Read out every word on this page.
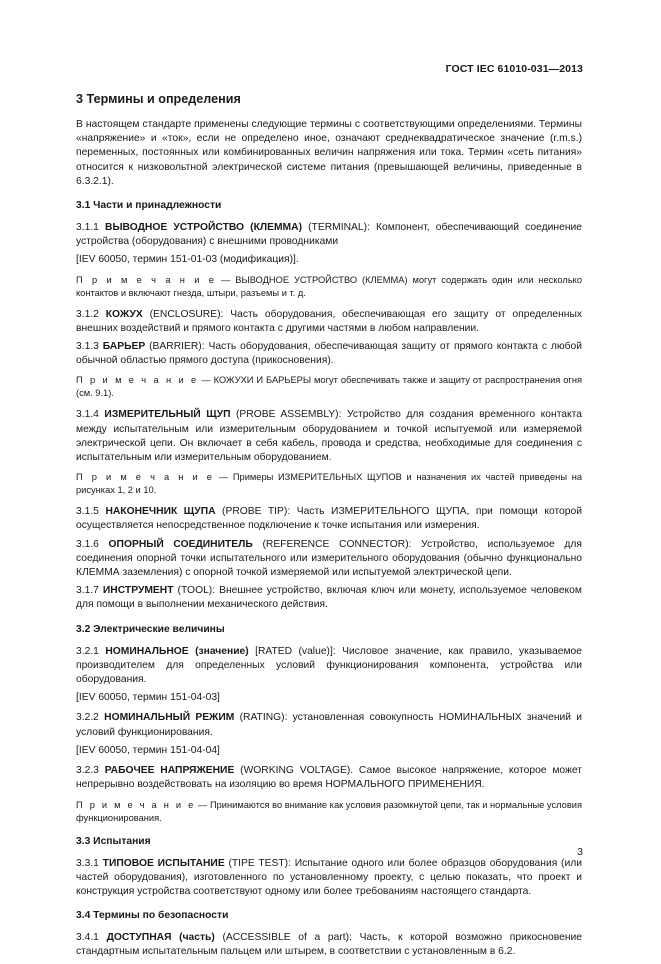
ГОСТ IEC 61010-031—2013
3 Термины и определения

В настоящем стандарте применены следующие термины с соответствующими определениями. Термины «напряжение» и «ток», если не определено иное, означают среднеквадратическое значение (r.m.s.) переменных, постоянных или комбинированных величин напряжения или тока. Термин «сеть питания» относится к низковольтной электрической системе питания (превышающей величины, приведенные в 6.3.2.1).

3.1 Части и принадлежности

3.1.1 ВЫВОДНОЕ УСТРОЙСТВО (КЛЕММА) (TERMINAL): Компонент, обеспечивающий соединение устройства (оборудования) с внешними проводниками

[IEV 60050, термин 151-01-03 (модификация)].

П р и м е ч а н и е — ВЫВОДНОЕ УСТРОЙСТВО (КЛЕММА) могут содержать один или несколько контактов и включают гнезда, штыри, разъемы и т. д.

3.1.2 КОЖУХ (ENCLOSURE): Часть оборудования, обеспечивающая его защиту от определенных внешних воздействий и прямого контакта с другими частями в любом направлении.

3.1.3 БАРЬЕР (BARRIER): Часть оборудования, обеспечивающая защиту от прямого контакта с любой обычной областью прямого доступа (прикосновения).

П р и м е ч а н и е — КОЖУХИ И БАРЬЕРЫ могут обеспечивать также и защиту от распространения огня (см. 9.1).

3.1.4 ИЗМЕРИТЕЛЬНЫЙ ЩУП (PROBE ASSEMBLY): Устройство для создания временного контакта между испытательным или измерительным оборудованием и точкой испытуемой или измеряемой электрической цепи. Он включает в себя кабель, провода и средства, необходимые для соединения с испытательным или измерительным оборудованием.

П р и м е ч а н и е — Примеры ИЗМЕРИТЕЛЬНЫХ ЩУПОВ и назначения их частей приведены на рисунках 1, 2 и 10.

3.1.5 НАКОНЕЧНИК ЩУПА (PROBE TIP): Часть ИЗМЕРИТЕЛЬНОГО ЩУПА, при помощи которой осуществляется непосредственное подключение к точке испытания или измерения.

3.1.6 ОПОРНЫЙ СОЕДИНИТЕЛЬ (REFERENCE CONNECTOR): Устройство, используемое для соединения опорной точки испытательного или измерительного оборудования (обычно функционально КЛЕММА заземления) с опорной точкой измеряемой или испытуемой электрической цепи.

3.1.7 ИНСТРУМЕНТ (TOOL): Внешнее устройство, включая ключ или монету, используемое человеком для помощи в выполнении механического действия.

3.2 Электрические величины

3.2.1 НОМИНАЛЬНОЕ (значение) [RATED (value)]: Числовое значение, как правило, указываемое производителем для определенных условий функционирования компонента, устройства или оборудования.

[IEV 60050, термин 151-04-03]

3.2.2 НОМИНАЛЬНЫЙ РЕЖИМ (RATING): установленная совокупность НОМИНАЛЬНЫХ значений и условий функционирования.

[IEV 60050, термин 151-04-04]

3.2.3 РАБОЧЕЕ НАПРЯЖЕНИЕ (WORKING VOLTAGE). Самое высокое напряжение, которое может непрерывно воздействовать на изоляцию во время НОРМАЛЬНОГО ПРИМЕНЕНИЯ.

П р и м е ч а н и е — Принимаются во внимание как условия разомкнутой цепи, так и нормальные условия функционирования.

3.3 Испытания

3.3.1 ТИПОВОЕ ИСПЫТАНИЕ (TIPE TEST): Испытание одного или более образцов оборудования (или частей оборудования), изготовленного по установленному проекту, с целью показать, что проект и конструкция устройства соответствуют одному или более требованиям настоящего стандарта.

3.4 Термины по безопасности

3.4.1 ДОСТУПНАЯ (часть) (ACCESSIBLE of a part): Часть, к которой возможно прикосновение стандартным испытательным пальцем или штырем, в соответствии с установленным в 6.2.

3
